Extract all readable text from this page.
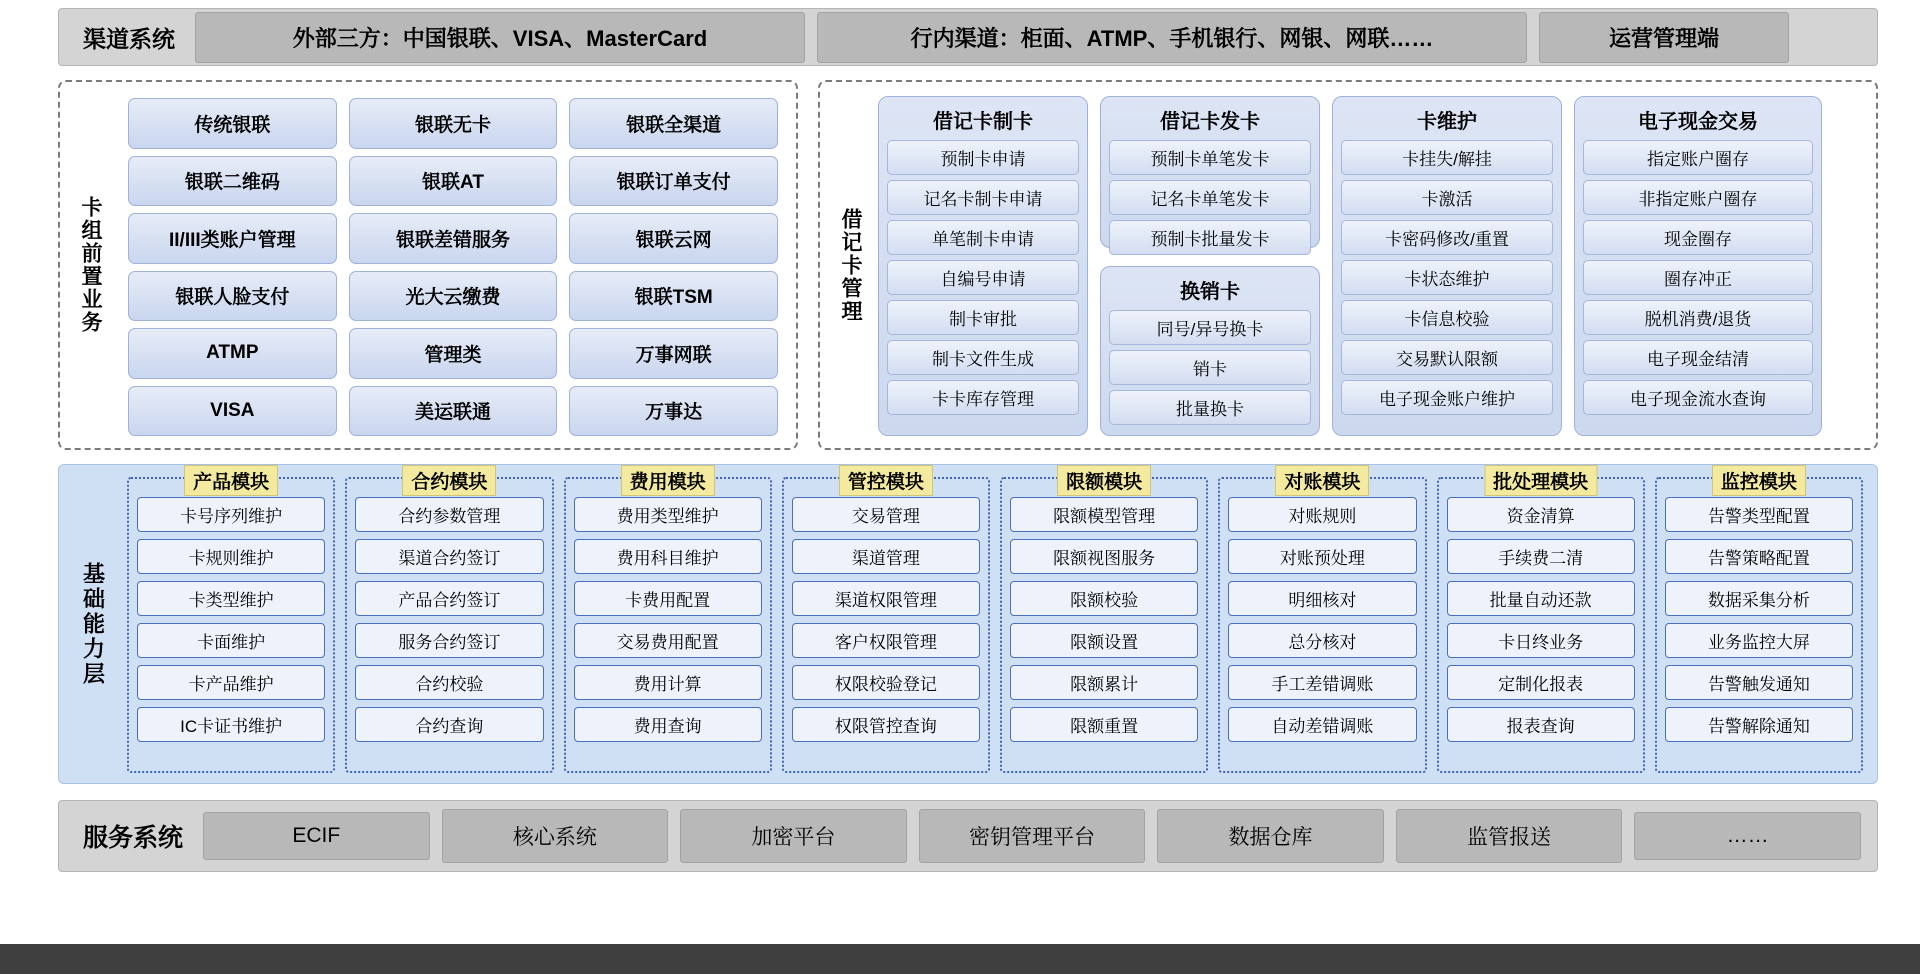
渠道系统	外部三方：中国银联、VISA、MasterCard	行内渠道：柜面、ATMP、手机银行、网银、网联……	运营管理端
卡组前置业务
传统银联	银联无卡	银联全渠道
银联二维码	银联AT	银联订单支付
II/III类账户管理	银联差错服务	银联云网
银联人脸支付	光大云缴费	银联TSM
ATMP	管理类	万事网联
VISA	美运联通	万事达
借记卡管理
借记卡制卡
预制卡申请
记名卡制卡申请
单笔制卡申请
自编号申请
制卡审批
制卡文件生成
卡卡库存管理
借记卡发卡
预制卡单笔发卡
记名卡单笔发卡
预制卡批量发卡
换销卡
同号/异号换卡
销卡
批量换卡
卡维护
卡挂失/解挂
卡激活
卡密码修改/重置
卡状态维护
卡信息校验
交易默认限额
电子现金账户维护
电子现金交易
指定账户圈存
非指定账户圈存
现金圈存
圈存冲正
脱机消费/退货
电子现金结清
电子现金流水查询
基础能力层
产品模块
卡号序列维护
卡规则维护
卡类型维护
卡面维护
卡产品维护
IC卡证书维护
合约模块
合约参数管理
渠道合约签订
产品合约签订
服务合约签订
合约校验
合约查询
费用模块
费用类型维护
费用科目维护
卡费用配置
交易费用配置
费用计算
费用查询
管控模块
交易管理
渠道管理
渠道权限管理
客户权限管理
权限校验登记
权限管控查询
限额模块
限额模型管理
限额视图服务
限额校验
限额设置
限额累计
限额重置
对账模块
对账规则
对账预处理
明细核对
总分核对
手工差错调账
自动差错调账
批处理模块
资金清算
手续费二清
批量自动还款
卡日终业务
定制化报表
报表查询
监控模块
告警类型配置
告警策略配置
数据采集分析
业务监控大屏
告警触发通知
告警解除通知
服务系统	ECIF	核心系统	加密平台	密钥管理平台	数据仓库	监管报送	……
